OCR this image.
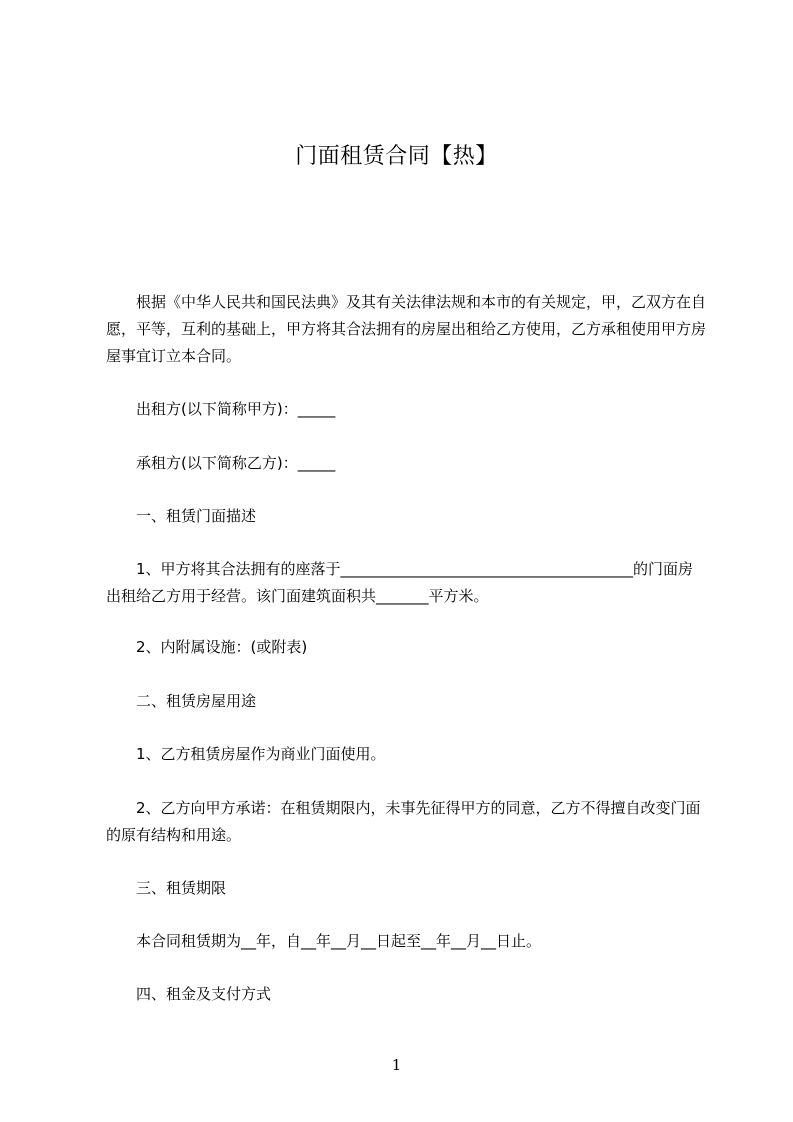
门面租赁合同【热】

根据《中华人民共和国民法典》及其有关法律法规和本市的有关规定，甲，乙双方在自愿，平等，互利的基础上，甲方将其合法拥有的房屋出租给乙方使用，乙方承租使用甲方房屋事宜订立本合同。

出租方(以下简称甲方)：_____

承租方(以下简称乙方)：_____

一、租赁门面描述

1、甲方将其合法拥有的座落于_______________________________________的门面房出租给乙方用于经营。该门面建筑面积共_______平方米。

2、内附属设施：(或附表)

二、租赁房屋用途

1、乙方租赁房屋作为商业门面使用。

2、乙方向甲方承诺：在租赁期限内，未事先征得甲方的同意，乙方不得擅自改变门面的原有结构和用途。

三、租赁期限

本合同租赁期为__年，自__年__月__日起至__年__月__日止。

四、租金及支付方式

1
